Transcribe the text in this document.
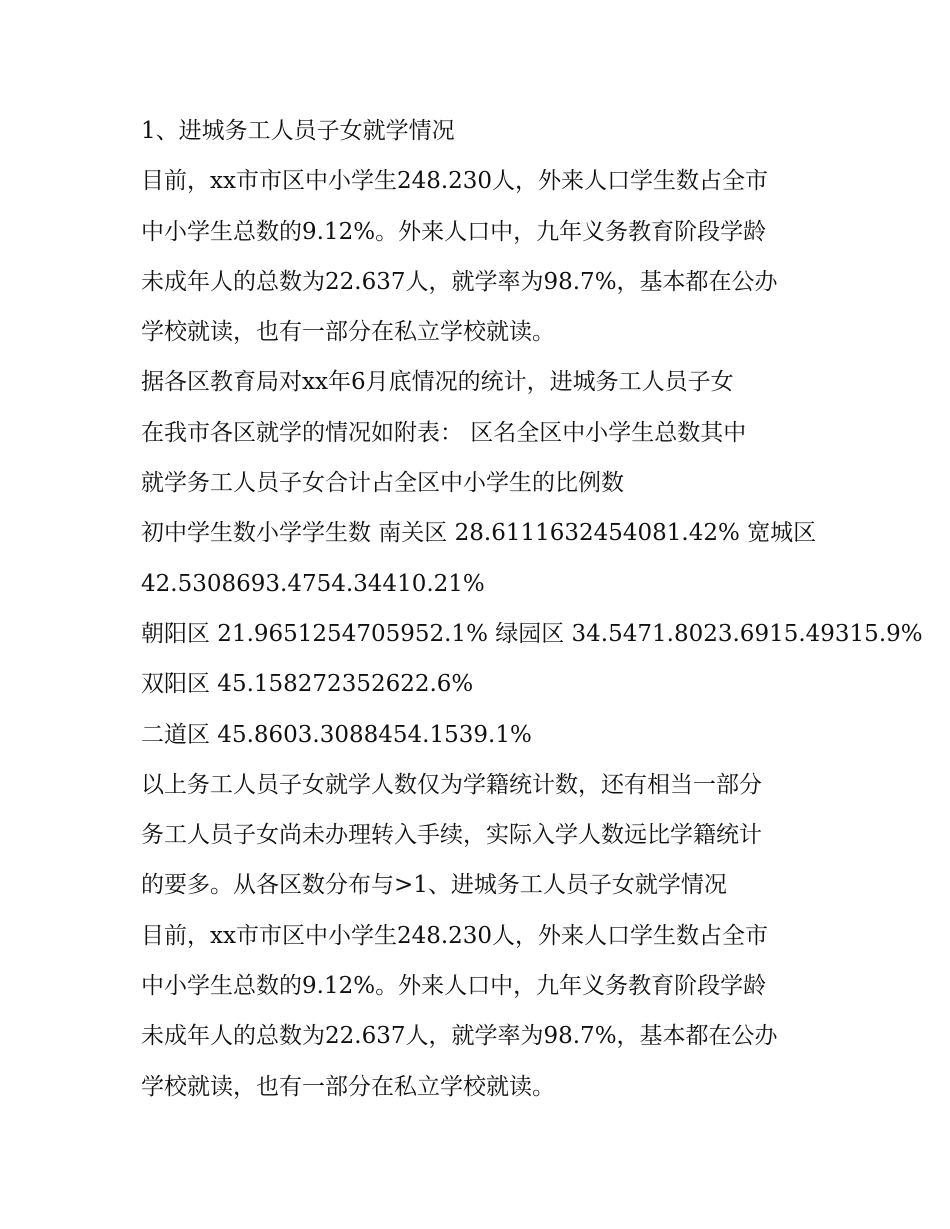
1、进城务工人员子女就学情况
目前，xx市市区中小学生248.230人，外来人口学生数占全市
中小学生总数的9.12%。外来人口中，九年义务教育阶段学龄
未成年人的总数为22.637人，就学率为98.7%，基本都在公办
学校就读，也有一部分在私立学校就读。
据各区教育局对xx年6月底情况的统计，进城务工人员子女
在我市各区就学的情况如附表： 区名全区中小学生总数其中
就学务工人员子女合计占全区中小学生的比例数
初中学生数小学学生数 南关区 28.6111632454081.42% 宽城区
42.5308693.4754.34410.21%
朝阳区 21.9651254705952.1% 绿园区 34.5471.8023.6915.49315.9%
双阳区 45.158272352622.6%
二道区 45.8603.3088454.1539.1%
以上务工人员子女就学人数仅为学籍统计数，还有相当一部分
务工人员子女尚未办理转入手续，实际入学人数远比学籍统计
的要多。从各区数分布与>1、进城务工人员子女就学情况
目前，xx市市区中小学生248.230人，外来人口学生数占全市
中小学生总数的9.12%。外来人口中，九年义务教育阶段学龄
未成年人的总数为22.637人，就学率为98.7%，基本都在公办
学校就读，也有一部分在私立学校就读。
